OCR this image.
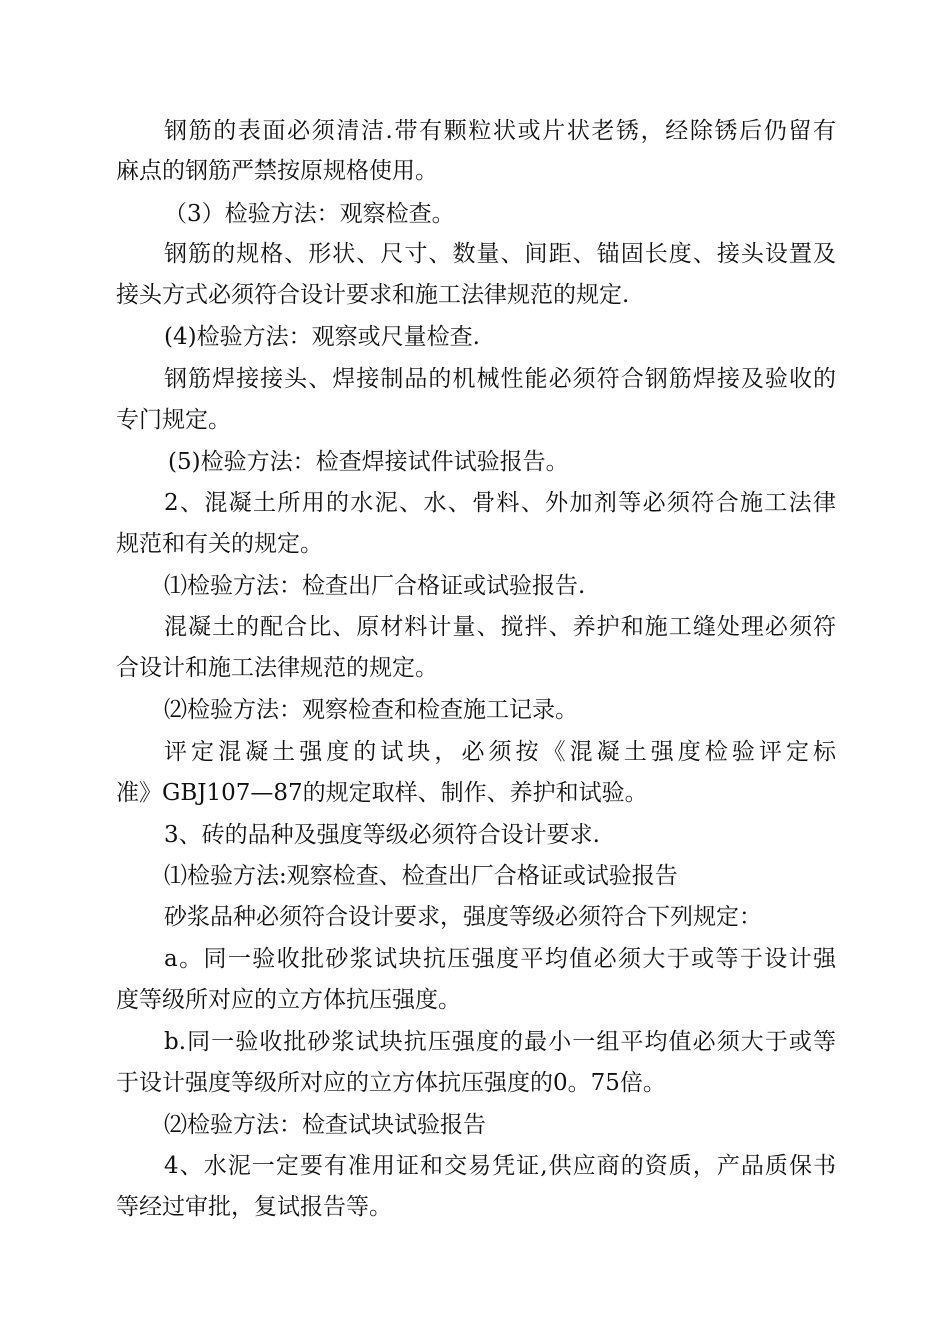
钢筋的表面必须清洁.带有颗粒状或片状老锈，经除锈后仍留有
麻点的钢筋严禁按原规格使用。
（3）检验方法：观察检查。
钢筋的规格、形状、尺寸、数量、间距、锚固长度、接头设置及
接头方式必须符合设计要求和施工法律规范的规定.
(4)检验方法：观察或尺量检查.
钢筋焊接接头、焊接制品的机械性能必须符合钢筋焊接及验收的
专门规定。
(5)检验方法：检查焊接试件试验报告。
2、混凝土所用的水泥、水、骨料、外加剂等必须符合施工法律
规范和有关的规定。
⑴检验方法：检查出厂合格证或试验报告.
混凝土的配合比、原材料计量、搅拌、养护和施工缝处理必须符
合设计和施工法律规范的规定。
⑵检验方法：观察检查和检查施工记录。
评定混凝土强度的试块，必须按《混凝土强度检验评定标
准》GBJ107—87的规定取样、制作、养护和试验。
3、砖的品种及强度等级必须符合设计要求.
⑴检验方法:观察检查、检查出厂合格证或试验报告
砂浆品种必须符合设计要求，强度等级必须符合下列规定：
a。同一验收批砂浆试块抗压强度平均值必须大于或等于设计强
度等级所对应的立方体抗压强度。
b.同一验收批砂浆试块抗压强度的最小一组平均值必须大于或等
于设计强度等级所对应的立方体抗压强度的0。75倍。
⑵检验方法：检查试块试验报告
4、水泥一定要有准用证和交易凭证,供应商的资质，产品质保书
等经过审批，复试报告等。
